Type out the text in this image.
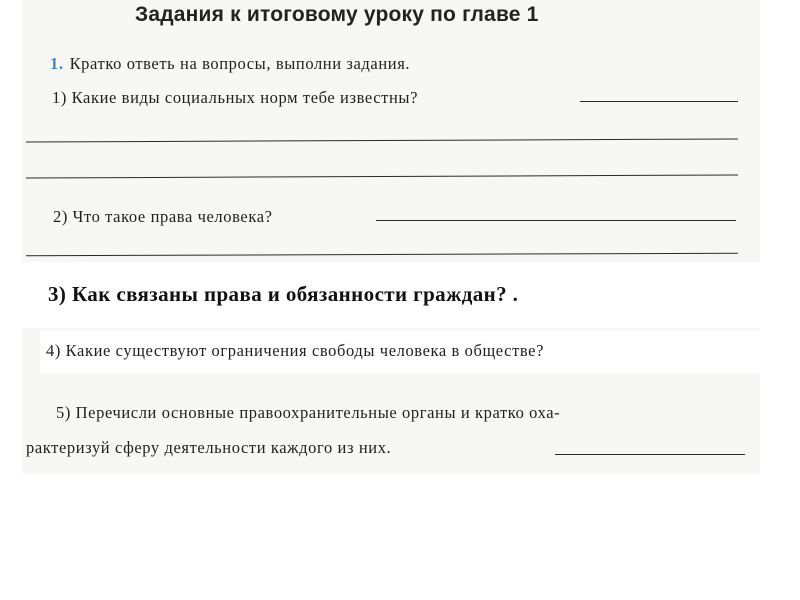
Задания к итоговому уроку по главе 1
1. Кратко ответь на вопросы, выполни задания.
1) Какие виды социальных норм тебе известны?
2) Что такое права человека?
3) Как связаны права и обязанности граждан? .
4) Какие существуют ограничения свободы человека в обществе?
5) Перечисли основные правоохранительные органы и кратко оха-
рактеризуй сферу деятельности каждого из них.
